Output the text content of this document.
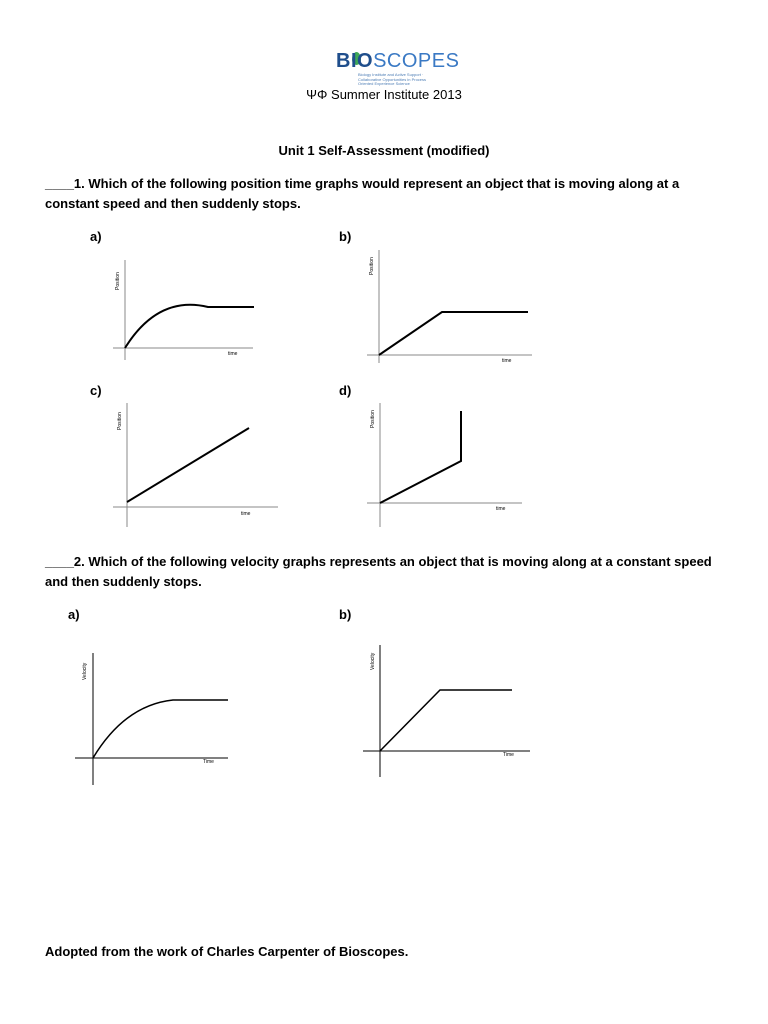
BIOSCOPES
Biology Institute and Active Support · Collaborative Opportunities in Process Oriented Experience Science
ΨΦ Summer Institute 2013
Unit 1 Self-Assessment (modified)
____1. Which of the following position time graphs would represent an object that is moving along at a constant speed and then suddenly stops.
a)	b)
c)	d)
Position
time
Position
time
Position
time
Position
time
____2. Which of the following velocity graphs represents an object that is moving along at a constant speed and then suddenly stops.
a)	b)
Velocity
Time
Velocity
Time
Adopted from the work of Charles Carpenter of Bioscopes.
